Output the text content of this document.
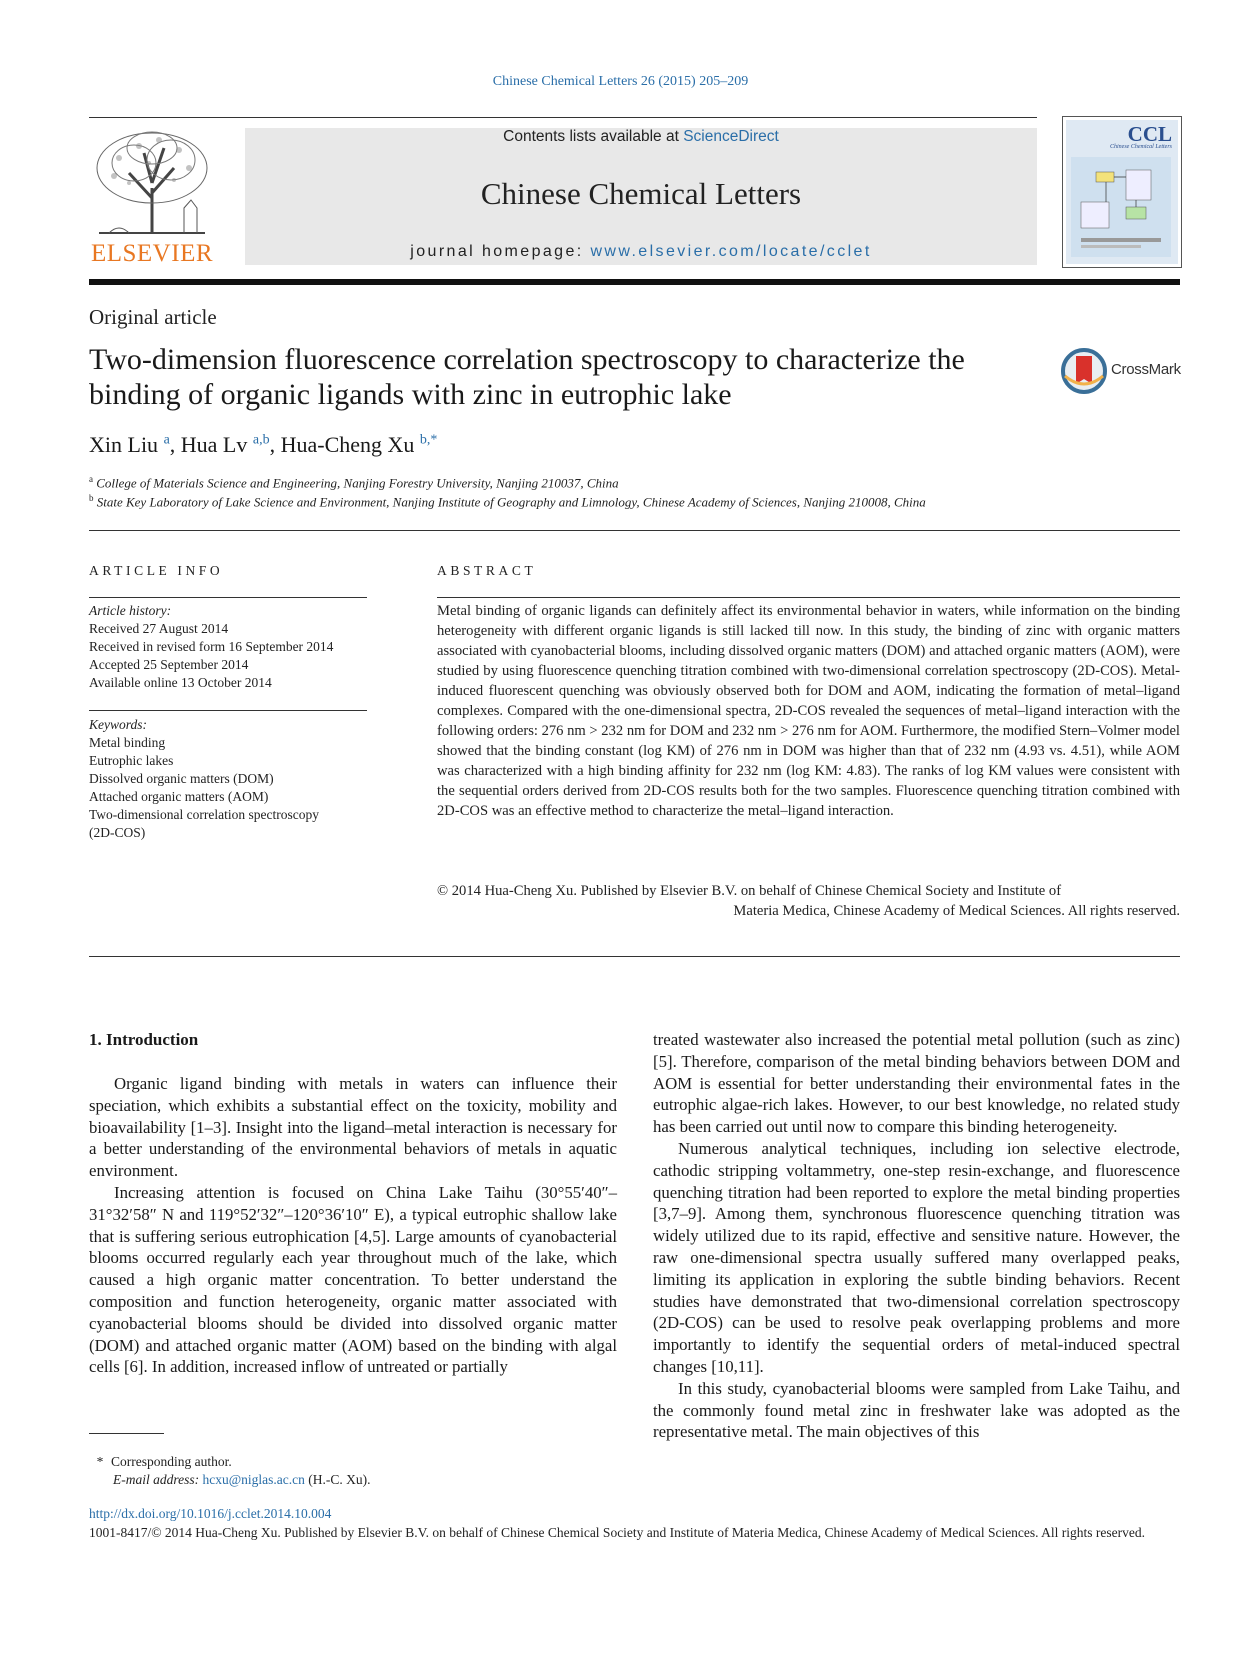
Chinese Chemical Letters 26 (2015) 205–209
ELSEVIER
Contents lists available at ScienceDirect
Chinese Chemical Letters
journal homepage: www.elsevier.com/locate/cclet
CCL
Chinese Chemical Letters
Original article
Two-dimension fluorescence correlation spectroscopy to characterize the binding of organic ligands with zinc in eutrophic lake
CrossMark
Xin Liu $^a$, Hua Lv $^{a,b}$, Hua-Cheng Xu $^{b,*}$
$^a$ College of Materials Science and Engineering, Nanjing Forestry University, Nanjing 210037, China
$^b$ State Key Laboratory of Lake Science and Environment, Nanjing Institute of Geography and Limnology, Chinese Academy of Sciences, Nanjing 210008, China
ARTICLE INFO
Article history:
Received 27 August 2014
Received in revised form 16 September 2014
Accepted 25 September 2014
Available online 13 October 2014
Keywords:
Metal binding
Eutrophic lakes
Dissolved organic matters (DOM)
Attached organic matters (AOM)
Two-dimensional correlation spectroscopy
(2D-COS)
ABSTRACT
Metal binding of organic ligands can definitely affect its environmental behavior in waters, while information on the binding heterogeneity with different organic ligands is still lacked till now. In this study, the binding of zinc with organic matters associated with cyanobacterial blooms, including dissolved organic matters (DOM) and attached organic matters (AOM), were studied by using fluorescence quenching titration combined with two-dimensional correlation spectroscopy (2D-COS). Metal-induced fluorescent quenching was obviously observed both for DOM and AOM, indicating the formation of metal–ligand complexes. Compared with the one-dimensional spectra, 2D-COS revealed the sequences of metal–ligand interaction with the following orders: 276 nm > 232 nm for DOM and 232 nm > 276 nm for AOM. Furthermore, the modified Stern–Volmer model showed that the binding constant (log KM) of 276 nm in DOM was higher than that of 232 nm (4.93 vs. 4.51), while AOM was characterized with a high binding affinity for 232 nm (log KM: 4.83). The ranks of log KM values were consistent with the sequential orders derived from 2D-COS results both for the two samples. Fluorescence quenching titration combined with 2D-COS was an effective method to characterize the metal–ligand interaction.
© 2014 Hua-Cheng Xu. Published by Elsevier B.V. on behalf of Chinese Chemical Society and Institute of
Materia Medica, Chinese Academy of Medical Sciences. All rights reserved.
1. Introduction

Organic ligand binding with metals in waters can influence their speciation, which exhibits a substantial effect on the toxicity, mobility and bioavailability [1–3]. Insight into the ligand–metal interaction is necessary for a better understanding of the environmental behaviors of metals in aquatic environment.

Increasing attention is focused on China Lake Taihu (30°55′40″–31°32′58″ N and 119°52′32″–120°36′10″ E), a typical eutrophic shallow lake that is suffering serious eutrophication [4,5]. Large amounts of cyanobacterial blooms occurred regularly each year throughout much of the lake, which caused a high organic matter concentration. To better understand the composition and function heterogeneity, organic matter associated with cyanobacterial blooms should be divided into dissolved organic matter (DOM) and attached organic matter (AOM) based on the binding with algal cells [6]. In addition, increased inflow of untreated or partially

treated wastewater also increased the potential metal pollution (such as zinc) [5]. Therefore, comparison of the metal binding behaviors between DOM and AOM is essential for better understanding their environmental fates in the eutrophic algae-rich lakes. However, to our best knowledge, no related study has been carried out until now to compare this binding heterogeneity.

Numerous analytical techniques, including ion selective electrode, cathodic stripping voltammetry, one-step resin-exchange, and fluorescence quenching titration had been reported to explore the metal binding properties [3,7–9]. Among them, synchronous fluorescence quenching titration was widely utilized due to its rapid, effective and sensitive nature. However, the raw one-dimensional spectra usually suffered many overlapped peaks, limiting its application in exploring the subtle binding behaviors. Recent studies have demonstrated that two-dimensional correlation spectroscopy (2D-COS) can be used to resolve peak overlapping problems and more importantly to identify the sequential orders of metal-induced spectral changes [10,11].

In this study, cyanobacterial blooms were sampled from Lake Taihu, and the commonly found metal zinc in freshwater lake was adopted as the representative metal. The main objectives of this

* Corresponding author.
E-mail address: hcxu@niglas.ac.cn (H.-C. Xu).
http://dx.doi.org/10.1016/j.cclet.2014.10.004
1001-8417/© 2014 Hua-Cheng Xu. Published by Elsevier B.V. on behalf of Chinese Chemical Society and Institute of Materia Medica, Chinese Academy of Medical Sciences. All rights reserved.
